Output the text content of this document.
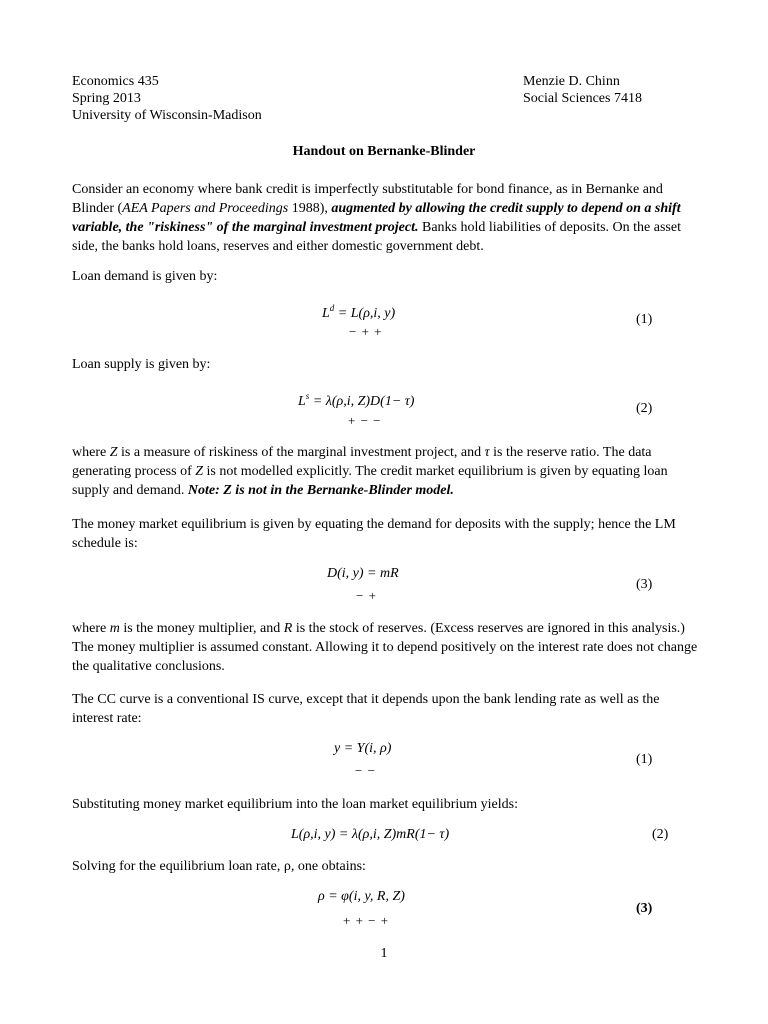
Economics 435
Spring 2013
University of Wisconsin-Madison
Menzie D. Chinn
Social Sciences 7418
Handout on Bernanke-Blinder

Consider an economy where bank credit is imperfectly substitutable for bond finance, as in Bernanke and Blinder (AEA Papers and Proceedings 1988), augmented by allowing the credit supply to depend on a shift variable, the "riskiness" of the marginal investment project. Banks hold liabilities of deposits. On the asset side, the banks hold loans, reserves and either domestic government debt.

Loan demand is given by:
$L^d = L(\rho,i$, y)
− + +
(1)
Loan supply is given by:
$L^s = \lambda(\rho,i$, Z)D(1− τ)
+ − −
(2)

where Z is a measure of riskiness of the marginal investment project, and τ is the reserve ratio. The data generating process of Z is not modelled explicitly. The credit market equilibrium is given by equating loan supply and demand. Note: Z is not in the Bernanke-Blinder model.

The money market equilibrium is given by equating the demand for deposits with the supply; hence the LM schedule is:
D(i, y) = mR
− +
(3)

where m is the money multiplier, and R is the stock of reserves. (Excess reserves are ignored in this analysis.) The money multiplier is assumed constant. Allowing it to depend positively on the interest rate does not change the qualitative conclusions.

The CC curve is a conventional IS curve, except that it depends upon the bank lending rate as well as the interest rate:
y = Y(i, ρ)
− −
(1)
Substituting money market equilibrium into the loan market equilibrium yields:
L(ρ,i, y) = λ(ρ,i, Z)mR(1− τ)	(2)
Solving for the equilibrium loan rate, ρ, one obtains:
ρ = φ(i, y, R, Z)
+ + − +
(3)
1
